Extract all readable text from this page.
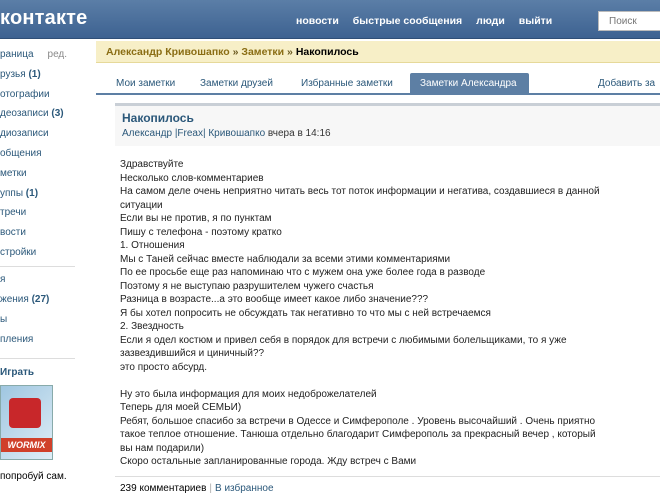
контакте	новости быстрые сообщения люди выйти
Поиск
раница ред.
рузья (1)
отографии
деозаписи (3)
диозаписи
общения
метки
уппы (1)
тречи
вости
стройки
я
жения (27)
ы
пления
Играть
WORMIX
попробуй сам.
Александр Кривошапко » Заметки » Накопилось
Мои заметки	Заметки друзей	Избранные заметки	Заметки Александра	Добавить за
Накопилось
Александр |Freax| Кривошапко вчера в 14:16
Здравствуйте
Несколько слов-комментариев
На самом деле очень неприятно читать весь тот поток информации и негатива, создавшиеся в данной
ситуации
Если вы не против, я по пунктам
Пишу с телефона - поэтому кратко
1. Отношения
Мы с Таней сейчас вместе наблюдали за всеми этими комментариями
По ее просьбе еще раз напоминаю что с мужем она уже более года в разводе
Поэтому я не выступаю разрушителем чужего счастья
Разница в возрасте...а это вообще имеет какое либо значение???
Я бы хотел попросить не обсуждать так негативно то что мы с ней встречаемся
2. Звездность
Если я одел костюм и привел себя в порядок для встречи с любимыми болельщиками, то я уже
зазвездившийся и циничный??
это просто абсурд.
Ну это была информация для моих недоброжелателей
Теперь для моей СЕМЬИ)
Ребят, большое спасибо за встречи в Одессе и Симферополе . Уровень высочайший . Очень приятно
такое теплое отношение. Танюша отдельно благодарит Симферополь за прекрасный вечер , который
вы нам подарили)
Скоро остальные запланированные города. Жду встреч с Вами
239 комментариев | В избранное
